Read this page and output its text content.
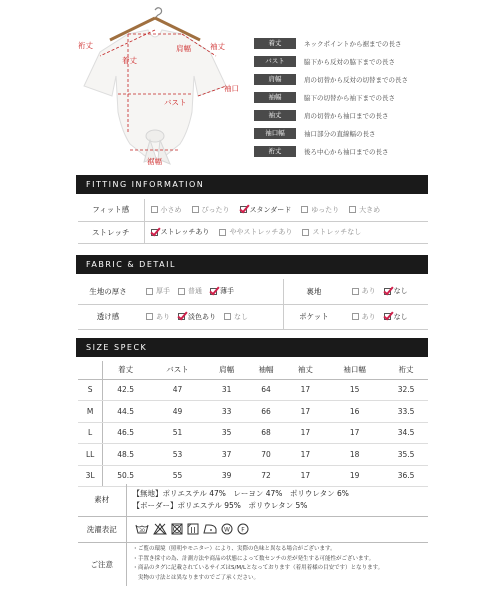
裄丈
着丈
肩幅	袖丈
袖口
バスト
裾幅
着丈	ネックポイントから裾までの長さ
バスト	脇下から反対の脇下までの長さ
肩幅	肩の切替から反対の切替までの長さ
袖幅	脇下の切替から袖下までの長さ
袖丈	肩の切替から袖口までの長さ
袖口幅	袖口部分の直線幅の長さ
裄丈	後ろ中心から袖口までの長さ
FITTING INFORMATION
フィット感	小さめ ぴったり スタンダード ゆったり 大きめ

ストレッチ	ストレッチあり ややストレッチあり ストレッチなし
FABRIC & DETAIL
生地の厚さ	厚手 普通 薄手	裏地	あり なし

透け感	あり 淡色あり なし	ポケット	あり なし
SIZE SPECK
	着丈	バスト	肩幅	袖幅	袖丈	袖口幅	裄丈
S	42.5	47	31	64	17	15	32.5
M	44.5	49	33	66	17	16	33.5
L	46.5	51	35	68	17	17	34.5
LL	48.5	53	37	70	17	18	35.5
3L	50.5	55	39	72	17	19	36.5
素材	【無地】ポリエステル 47%　レーヨン 47%　ポリウレタン 6%
【ボーダー】ポリエステル 95%　ポリウレタン 5%

洗濯表記	30 W F

ご注意	・ご覧の環境（照明やモニター）により、実際の色味と異なる場合がございます。
・手置き採寸の為、計測方法や商品の状態によって数センチの差が発生する可能性がございます。
・商品のタグに記載されているサイズはS/M/Lとなっております（着用着様の目安です）となります。
　実物の寸法とは異なりますのでご了承ください。
